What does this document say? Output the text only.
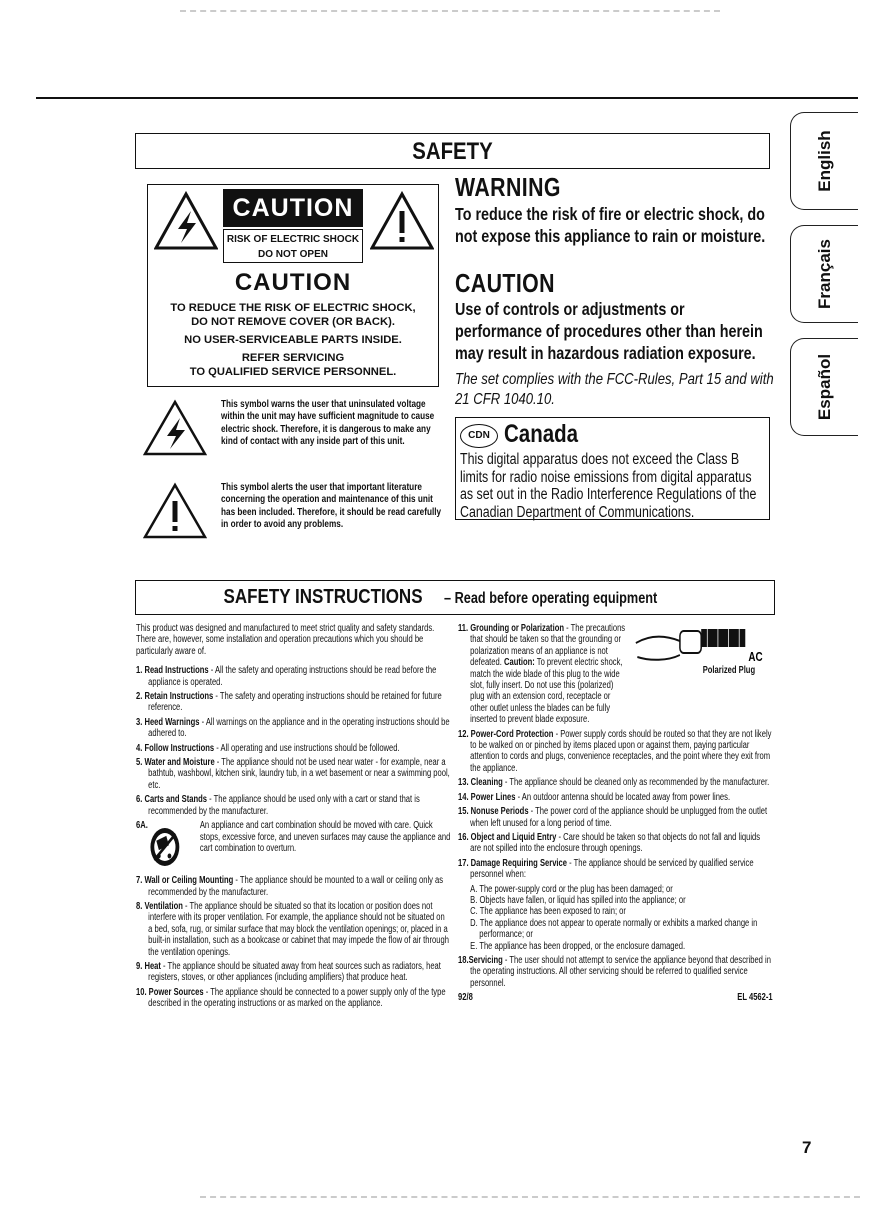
English
Français
Español
SAFETY
CAUTION
RISK OF ELECTRIC SHOCK
DO NOT OPEN
CAUTION

TO REDUCE THE RISK OF ELECTRIC SHOCK,
DO NOT REMOVE COVER (OR BACK).

NO USER-SERVICEABLE PARTS INSIDE.

REFER SERVICING
TO QUALIFIED SERVICE PERSONNEL.

This symbol warns the user that uninsulated voltage within the unit may have sufficient magnitude to cause electric shock. Therefore, it is dangerous to make any kind of contact with any inside part of this unit.
This symbol alerts the user that important literature concerning the operation and maintenance of this unit has been included. Therefore, it should be read carefully in order to avoid any problems.
WARNING
To reduce the risk of fire or electric shock, do not expose this appliance to rain or moisture.
CAUTION
Use of controls or adjustments or performance of procedures other than herein may result in hazardous radiation exposure.
The set complies with the FCC-Rules, Part 15 and with 21 CFR 1040.10.
CDN Canada
This digital apparatus does not exceed the Class B limits for radio noise emissions from digital apparatus as set out in the Radio Interference Regulations of the Canadian Department of Communications.
SAFETY INSTRUCTIONS – Read before operating equipment

This product was designed and manufactured to meet strict quality and safety standards. There are, however, some installation and operation precautions which you should be particularly aware of.

1. Read Instructions - All the safety and operating instructions should be read before the appliance is operated.

2. Retain Instructions - The safety and operating instructions should be retained for future reference.

3. Heed Warnings - All warnings on the appliance and in the operating instructions should be adhered to.

4. Follow Instructions - All operating and use instructions should be followed.

5. Water and Moisture - The appliance should not be used near water - for example, near a bathtub, washbowl, kitchen sink, laundry tub, in a wet basement or near a swimming pool, etc.

6. Carts and Stands - The appliance should be used only with a cart or stand that is recommended by the manufacturer.

6A.	An appliance and cart combination should be moved with care. Quick stops, excessive force, and uneven surfaces may cause the appliance and cart combination to overturn.

7. Wall or Ceiling Mounting - The appliance should be mounted to a wall or ceiling only as recommended by the manufacturer.

8. Ventilation - The appliance should be situated so that its location or position does not interfere with its proper ventilation. For example, the appliance should not be situated on a bed, sofa, rug, or similar surface that may block the ventilation openings; or, placed in a built-in installation, such as a bookcase or cabinet that may impede the flow of air through the ventilation openings.

9. Heat - The appliance should be situated away from heat sources such as radiators, heat registers, stoves, or other appliances (including amplifiers) that produce heat.

10. Power Sources - The appliance should be connected to a power supply only of the type described in the operating instructions or as marked on the appliance.

11. Grounding or Polarization - The precautions that should be taken so that the grounding or polarization means of an appliance is not defeated. Caution: To prevent electric shock, match the wide blade of this plug to the wide slot, fully insert. Do not use this (polarized) plug with an extension cord, receptacle or other outlet unless the blades can be fully inserted to prevent blade exposure.

AC
Polarized Plug

12. Power-Cord Protection - Power supply cords should be routed so that they are not likely to be walked on or pinched by items placed upon or against them, paying particular attention to cords and plugs, convenience receptacles, and the point where they exit from the appliance.

13. Cleaning - The appliance should be cleaned only as recommended by the manufacturer.

14. Power Lines - An outdoor antenna should be located away from power lines.

15. Nonuse Periods - The power cord of the appliance should be unplugged from the outlet when left unused for a long period of time.

16. Object and Liquid Entry - Care should be taken so that objects do not fall and liquids are not spilled into the enclosure through openings.

17. Damage Requiring Service - The appliance should be serviced by qualified service personnel when:

A. The power-supply cord or the plug has been damaged; or

B. Objects have fallen, or liquid has spilled into the appliance; or

C. The appliance has been exposed to rain; or

D. The appliance does not appear to operate normally or exhibits a marked change in performance; or

E. The appliance has been dropped, or the enclosure damaged.

18.Servicing - The user should not attempt to service the appliance beyond that described in the operating instructions. All other servicing should be referred to qualified service personnel.

92/8	EL 4562-1
7
